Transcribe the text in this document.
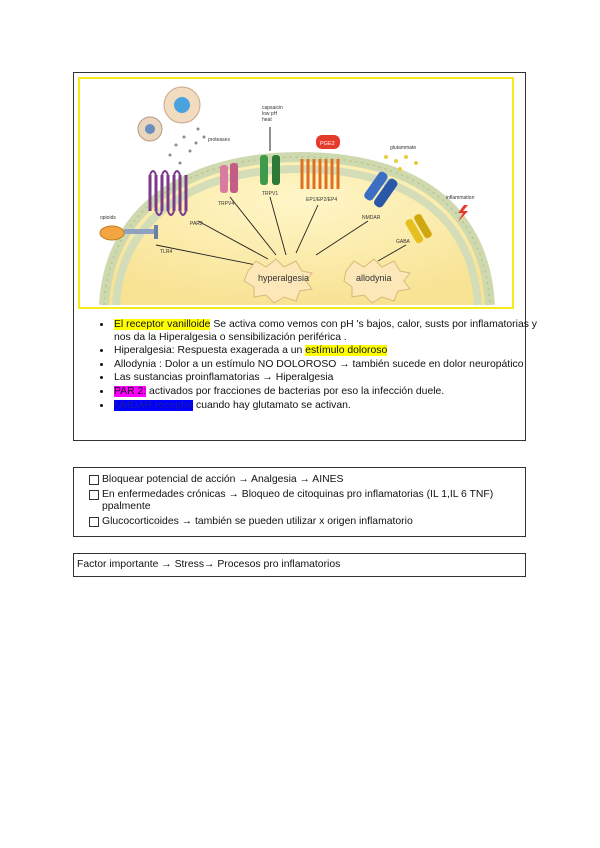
proteases
PAR2
opioids
TLR4
TRPV4
capsaicin low pH heat
TRPV1
PGE2
EP1/EP2/EP4
glutammate
NMDAR
inflammation
GABA
hyperalgesia	allodynia
• El receptor vanilloide Se activa como vemos con pH 's bajos, calor, susts por inflamatorias y nos da la Hiperalgesia o sensibilización periférica .
• Hiperalgesia: Respuesta exagerada a un estímulo doloroso
• Allodynia : Dolor a un estímulo NO DOLOROSO → también sucede en dolor neuropático
• Las sustancias proinflamatorias → Hiperalgesia
• PAR 2: activados por fracciones de bacterias por eso la infección duele.
• NMDAR receptor cuando hay glutamato se activan.
Bloquear potencial de acción → Analgesia → AINES
En enfermedades crónicas → Bloqueo de citoquinas pro inflamatorias (IL 1,IL 6 TNF) ppalmente
Glucocorticoides → también se pueden utilizar x origen inflamatorio
Factor importante → Stress→ Procesos pro inflamatorios
